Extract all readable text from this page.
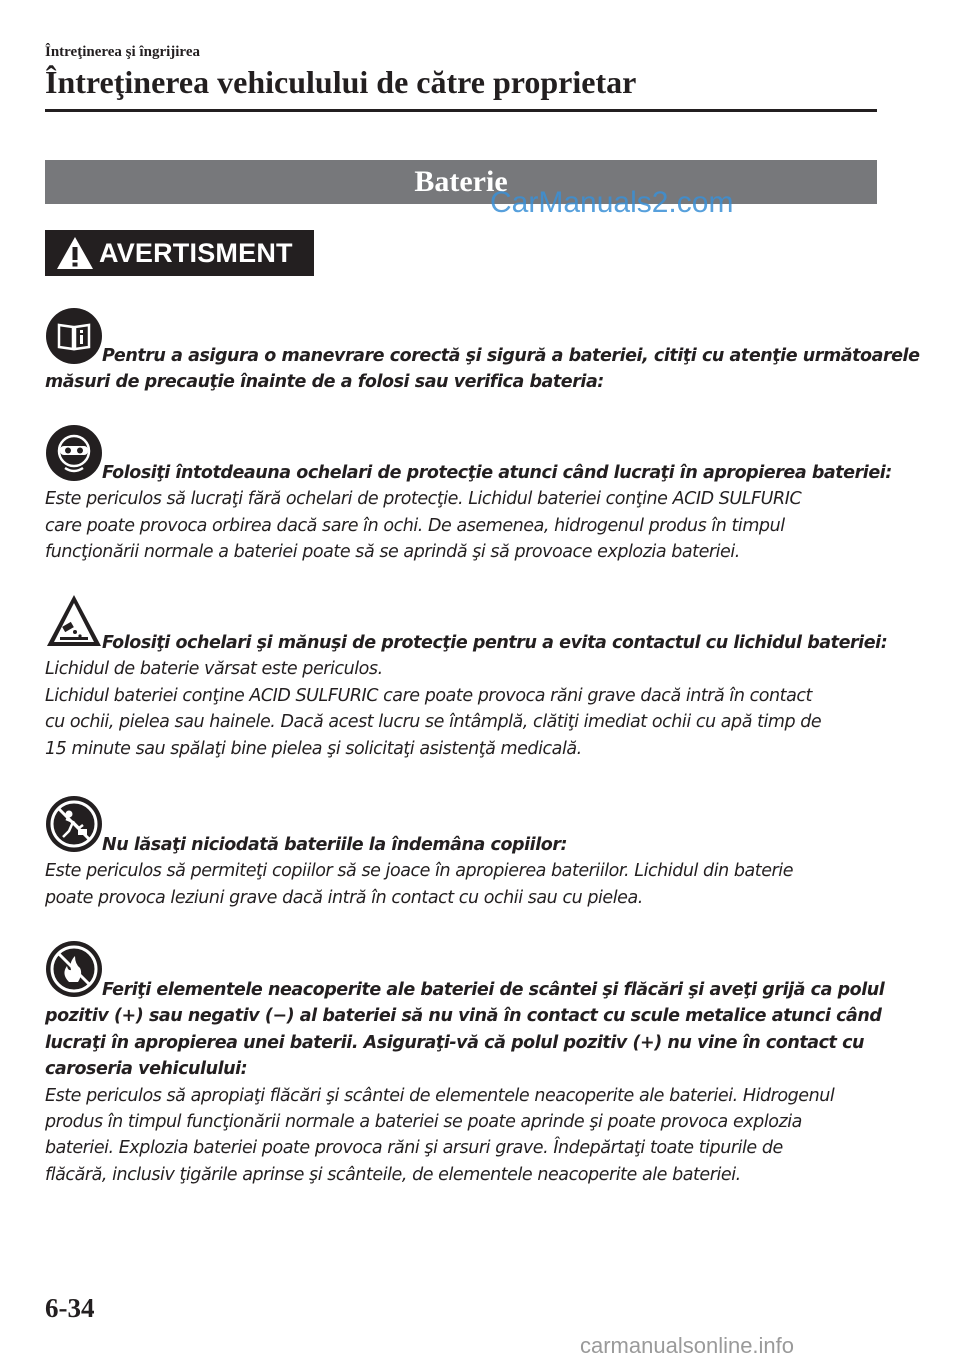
Întreţinerea şi îngrijirea
Întreţinerea vehiculului de către proprietar
Baterie
CarManuals2.com
AVERTISMENT
Pentru a asigura o manevrare corectă şi sigură a bateriei, citiţi cu atenţie următoarele
măsuri de precauţie înainte de a folosi sau verifica bateria:
Folosiţi întotdeauna ochelari de protecţie atunci când lucraţi în apropierea bateriei:
Este periculos să lucraţi fără ochelari de protecţie. Lichidul bateriei conţine ACID SULFURIC
care poate provoca orbirea dacă sare în ochi. De asemenea, hidrogenul produs în timpul
funcţionării normale a bateriei poate să se aprindă şi să provoace explozia bateriei.
Folosiţi ochelari şi mănuşi de protecţie pentru a evita contactul cu lichidul bateriei:
Lichidul de baterie vărsat este periculos.
Lichidul bateriei conţine ACID SULFURIC care poate provoca răni grave dacă intră în contact
cu ochii, pielea sau hainele. Dacă acest lucru se întâmplă, clătiţi imediat ochii cu apă timp de
15 minute sau spălaţi bine pielea şi solicitaţi asistenţă medicală.
Nu lăsaţi niciodată bateriile la îndemâna copiilor:
Este periculos să permiteţi copiilor să se joace în apropierea bateriilor. Lichidul din baterie
poate provoca leziuni grave dacă intră în contact cu ochii sau cu pielea.
Feriţi elementele neacoperite ale bateriei de scântei şi flăcări şi aveţi grijă ca polul
pozitiv (+) sau negativ (−) al bateriei să nu vină în contact cu scule metalice atunci când
lucraţi în apropierea unei baterii. Asiguraţi-vă că polul pozitiv (+) nu vine în contact cu
caroseria vehiculului:
Este periculos să apropiaţi flăcări şi scântei de elementele neacoperite ale bateriei. Hidrogenul
produs în timpul funcţionării normale a bateriei se poate aprinde şi poate provoca explozia
bateriei. Explozia bateriei poate provoca răni şi arsuri grave. Îndepărtaţi toate tipurile de
flăcără, inclusiv ţigările aprinse şi scânteile, de elementele neacoperite ale bateriei.
6-34
carmanualsonline.info
